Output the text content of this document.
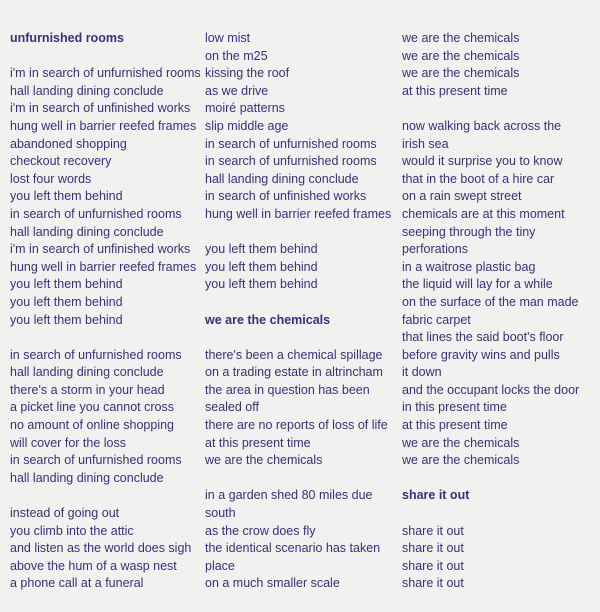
unfurnished rooms
i'm in search of unfurnished rooms
hall landing dining conclude
i'm in search of unfinished works
hung well in barrier reefed frames
abandoned shopping
checkout recovery
lost four words
you left them behind
in search of unfurnished rooms
hall landing dining conclude
i'm in search of unfinished works
hung well in barrier reefed frames
you left them behind
you left them behind
you left them behind
in search of unfurnished rooms
hall landing dining conclude
there's a storm in your head
a picket line you cannot cross
no amount of online shopping
will cover for the loss
in search of unfurnished rooms
hall landing dining conclude
instead of going out
you climb into the attic
and listen as the world does sigh
above the hum of a wasp nest
a phone call at a funeral
low mist
on the m25
kissing the roof
as we drive
moiré patterns
slip middle age
in search of unfurnished rooms
in search of unfurnished rooms
hall landing dining conclude
in search of unfinished works
hung well in barrier reefed frames
you left them behind
you left them behind
you left them behind
we are the chemicals
there's been a chemical spillage
on a trading estate in altrincham
the area in question has been
sealed off
there are no reports of loss of life
at this present time
we are the chemicals
in a garden shed 80 miles due
south
as the crow does fly
the identical scenario has taken
place
on a much smaller scale
we are the chemicals
we are the chemicals
we are the chemicals
at this present time
now walking back across the
irish sea
would it surprise you to know
that in the boot of a hire car
on a rain swept street
chemicals are at this moment
seeping through the tiny
perforations
in a waitrose plastic bag
the liquid will lay for a while
on the surface of the man made
fabric carpet
that lines the said boot's floor
before gravity wins and pulls
it down
and the occupant locks the door
in this present time
at this present time
we are the chemicals
we are the chemicals
share it out
share it out
share it out
share it out
share it out
